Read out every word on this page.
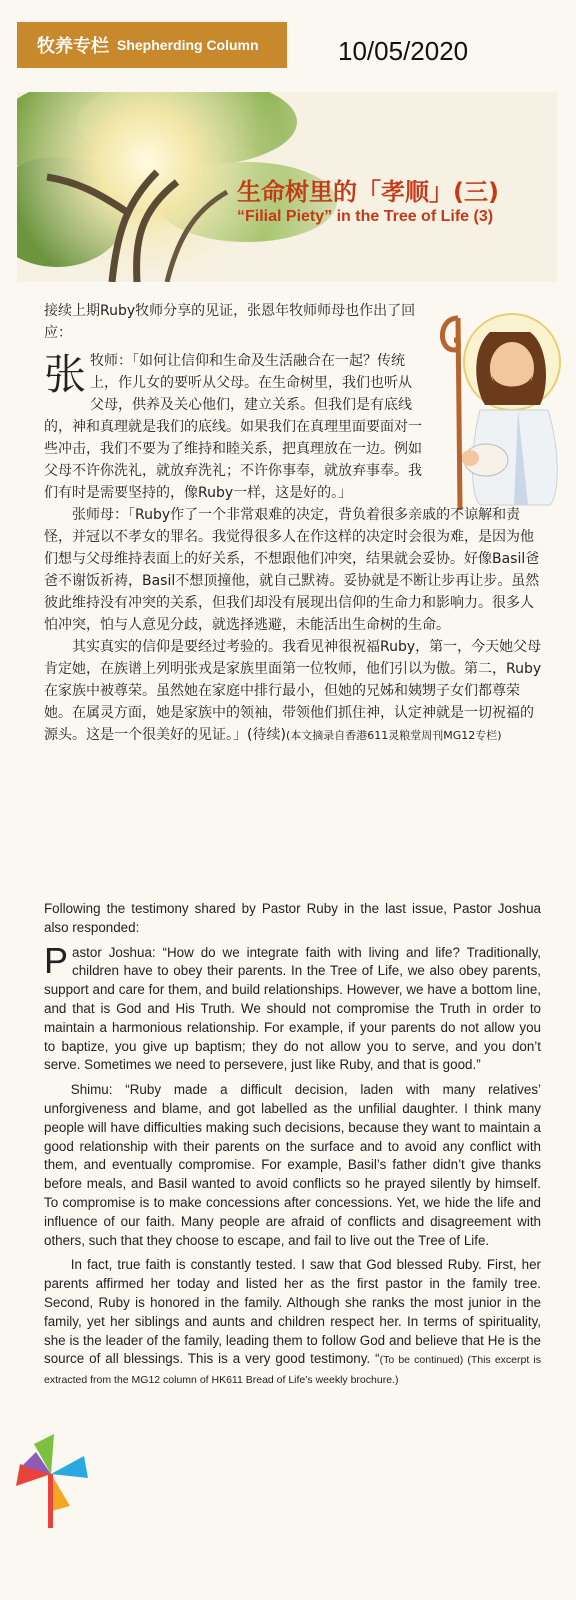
牧养专栏 Shepherding Column	10/05/2020
生命树里的「孝顺」(三)
“Filial Piety” in the Tree of Life (3)

接续上期Ruby牧师分享的见证，张恩年牧师师母也作出了回应：

张牧师：「如何让信仰和生命及生活融合在一起？传统上，作儿女的要听从父母。在生命树里，我们也听从父母，供养及关心他们，建立关系。但我们是有底线的，神和真理就是我们的底线。如果我们在真理里面要面对一些冲击，我们不要为了维持和睦关系，把真理放在一边。例如父母不许你洗礼，就放弃洗礼；不许你事奉，就放弃事奉。我们有时是需要坚持的，像Ruby一样，这是好的。」

张师母：「Ruby作了一个非常艰难的决定，背负着很多亲戚的不谅解和责怪，并冠以不孝女的罪名。我觉得很多人在作这样的决定时会很为难，是因为他们想与父母维持表面上的好关系，不想跟他们冲突，结果就会妥协。好像Basil爸爸不谢饭祈祷，Basil不想顶撞他，就自己默祷。妥协就是不断让步再让步。虽然彼此维持没有冲突的关系，但我们却没有展现出信仰的生命力和影响力。很多人怕冲突，怕与人意见分歧，就选择逃避，未能活出生命树的生命。

其实真实的信仰是要经过考验的。我看见神很祝福Ruby，第一，今天她父母肯定她，在族谱上列明张戎是家族里面第一位牧师，他们引以为傲。第二，Ruby在家族中被尊荣。虽然她在家庭中排行最小，但她的兄姊和姨甥子女们都尊荣她。在属灵方面，她是家族中的领袖，带领他们抓住神，认定神就是一切祝福的源头。这是一个很美好的见证。」(待续)(本文摘录自香港611灵粮堂周刊MG12专栏)

Following the testimony shared by Pastor Ruby in the last issue, Pastor Joshua also responded:

Pastor Joshua: “How do we integrate faith with living and life? Traditionally, children have to obey their parents. In the Tree of Life, we also obey parents, support and care for them, and build relationships. However, we have a bottom line, and that is God and His Truth. We should not compromise the Truth in order to maintain a harmonious relationship. For example, if your parents do not allow you to baptize, you give up baptism; they do not allow you to serve, and you don’t serve. Sometimes we need to persevere, just like Ruby, and that is good.”

Shimu: “Ruby made a difficult decision, laden with many relatives’ unforgiveness and blame, and got labelled as the unfilial daughter. I think many people will have difficulties making such decisions, because they want to maintain a good relationship with their parents on the surface and to avoid any conflict with them, and eventually compromise. For example, Basil’s father didn’t give thanks before meals, and Basil wanted to avoid conflicts so he prayed silently by himself. To compromise is to make concessions after concessions. Yet, we hide the life and influence of our faith. Many people are afraid of conflicts and disagreement with others, such that they choose to escape, and fail to live out the Tree of Life.

In fact, true faith is constantly tested. I saw that God blessed Ruby. First, her parents affirmed her today and listed her as the first pastor in the family tree. Second, Ruby is honored in the family. Although she ranks the most junior in the family, yet her siblings and aunts and children respect her. In terms of spirituality, she is the leader of the family, leading them to follow God and believe that He is the source of all blessings. This is a very good testimony. “(To be continued) (This excerpt is extracted from the MG12 column of HK611 Bread of Life’s weekly brochure.)
